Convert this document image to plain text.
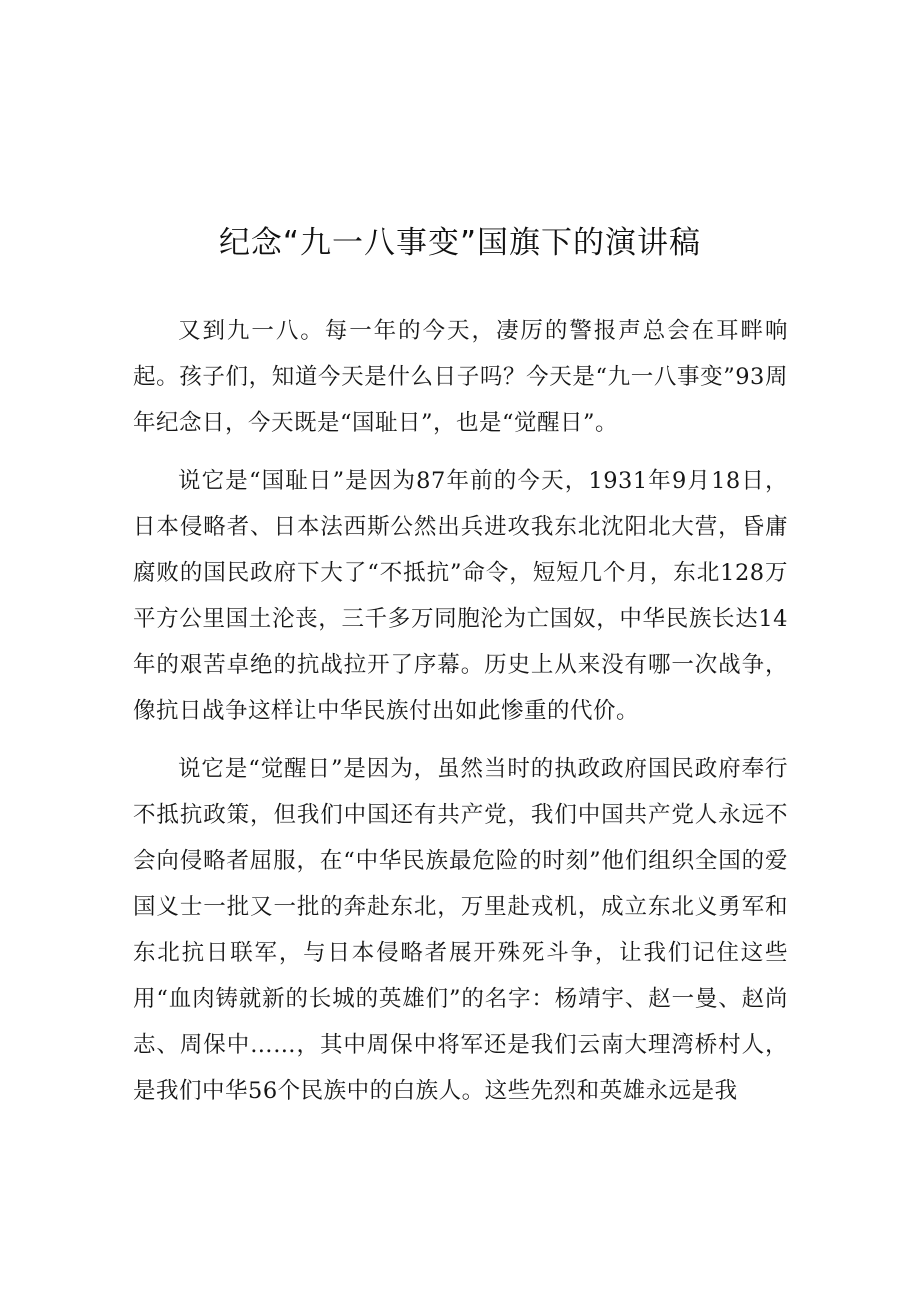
纪念“九一八事变”国旗下的演讲稿

又到九一八。每一年的今天，凄厉的警报声总会在耳畔响起。孩子们，知道今天是什么日子吗？今天是“九一八事变”93周年纪念日，今天既是“国耻日”，也是“觉醒日”。

说它是“国耻日”是因为87年前的今天，1931年9月18日，日本侵略者、日本法西斯公然出兵进攻我东北沈阳北大营，昏庸腐败的国民政府下大了“不抵抗”命令，短短几个月，东北128万平方公里国土沦丧，三千多万同胞沦为亡国奴，中华民族长达14年的艰苦卓绝的抗战拉开了序幕。历史上从来没有哪一次战争，像抗日战争这样让中华民族付出如此惨重的代价。

说它是“觉醒日”是因为，虽然当时的执政政府国民政府奉行不抵抗政策，但我们中国还有共产党，我们中国共产党人永远不会向侵略者屈服，在“中华民族最危险的时刻”他们组织全国的爱国义士一批又一批的奔赴东北，万里赴戎机，成立东北义勇军和东北抗日联军，与日本侵略者展开殊死斗争，让我们记住这些用“血肉铸就新的长城的英雄们”的名字：杨靖宇、赵一曼、赵尚志、周保中……，其中周保中将军还是我们云南大理湾桥村人，是我们中华56个民族中的白族人。这些先烈和英雄永远是我
